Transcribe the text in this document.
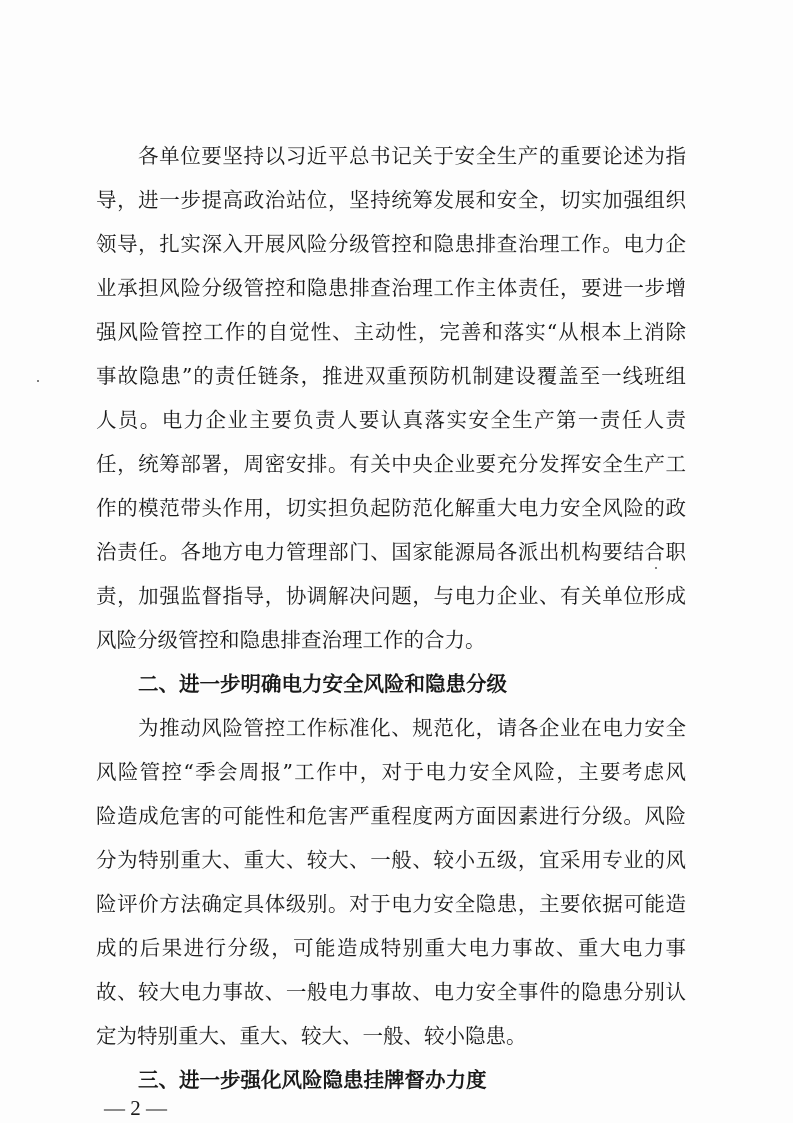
各单位要坚持以习近平总书记关于安全生产的重要论述为指
导，进一步提高政治站位，坚持统筹发展和安全，切实加强组织
领导，扎实深入开展风险分级管控和隐患排查治理工作。电力企
业承担风险分级管控和隐患排查治理工作主体责任，要进一步增
强风险管控工作的自觉性、主动性，完善和落实“从根本上消除
事故隐患”的责任链条，推进双重预防机制建设覆盖至一线班组
人员。电力企业主要负责人要认真落实安全生产第一责任人责
任，统筹部署，周密安排。有关中央企业要充分发挥安全生产工
作的模范带头作用，切实担负起防范化解重大电力安全风险的政
治责任。各地方电力管理部门、国家能源局各派出机构要结合职
责，加强监督指导，协调解决问题，与电力企业、有关单位形成
风险分级管控和隐患排查治理工作的合力。
二、进一步明确电力安全风险和隐患分级
为推动风险管控工作标准化、规范化，请各企业在电力安全
风险管控“季会周报”工作中，对于电力安全风险，主要考虑风
险造成危害的可能性和危害严重程度两方面因素进行分级。风险
分为特别重大、重大、较大、一般、较小五级，宜采用专业的风
险评价方法确定具体级别。对于电力安全隐患，主要依据可能造
成的后果进行分级，可能造成特别重大电力事故、重大电力事
故、较大电力事故、一般电力事故、电力安全事件的隐患分别认
定为特别重大、重大、较大、一般、较小隐患。
三、进一步强化风险隐患挂牌督办力度
— 2 —
